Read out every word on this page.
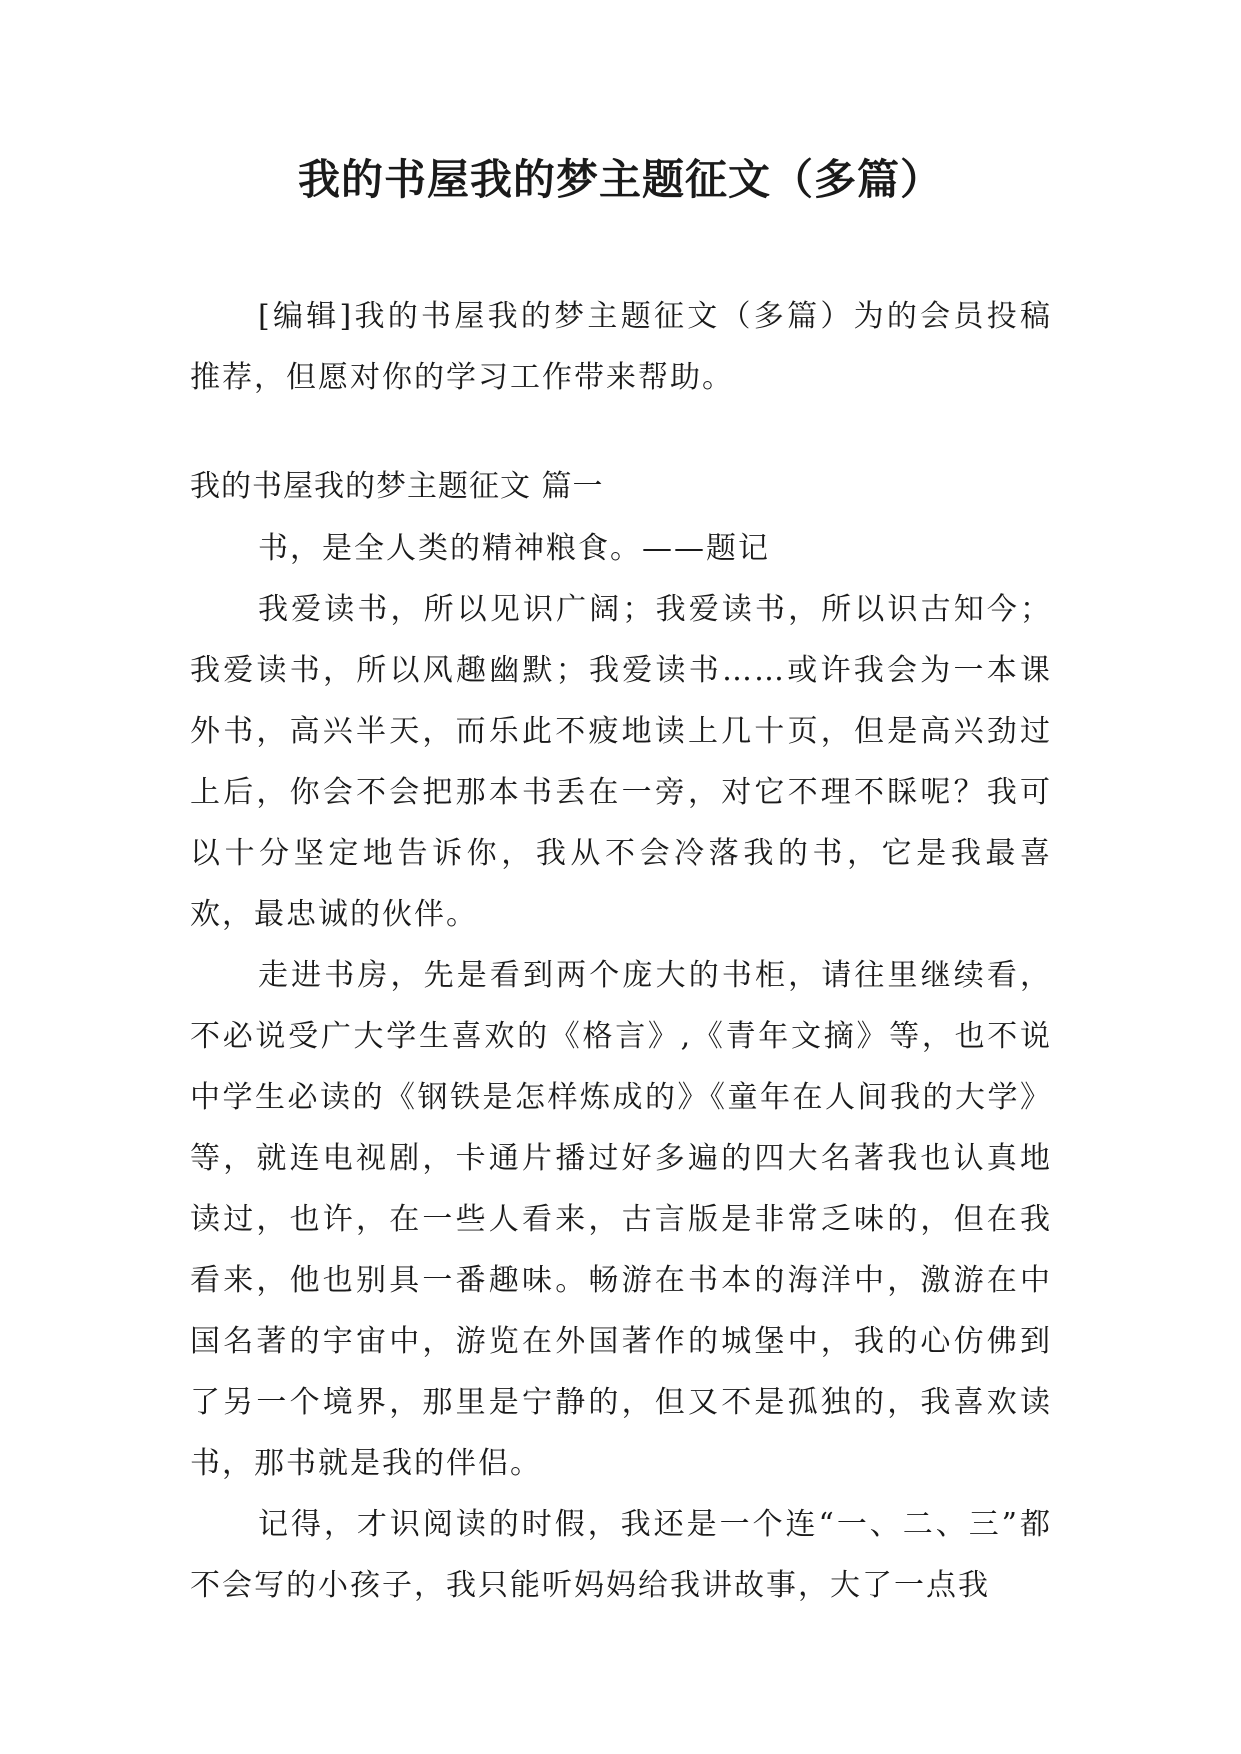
我的书屋我的梦主题征文（多篇）

[编辑]我的书屋我的梦主题征文（多篇）为的会员投稿推荐，但愿对你的学习工作带来帮助。

我的书屋我的梦主题征文 篇一

书，是全人类的精神粮食。——题记

我爱读书，所以见识广阔；我爱读书，所以识古知今；我爱读书，所以风趣幽默；我爱读书……或许我会为一本课外书，高兴半天，而乐此不疲地读上几十页，但是高兴劲过上后，你会不会把那本书丢在一旁，对它不理不睬呢？我可以十分坚定地告诉你，我从不会冷落我的书，它是我最喜欢，最忠诚的伙伴。

走进书房，先是看到两个庞大的书柜，请往里继续看，不必说受广大学生喜欢的《格言》,《青年文摘》等，也不说中学生必读的《钢铁是怎样炼成的》《童年在人间我的大学》等，就连电视剧，卡通片播过好多遍的四大名著我也认真地读过，也许，在一些人看来，古言版是非常乏味的，但在我看来，他也别具一番趣味。畅游在书本的海洋中，激游在中国名著的宇宙中，游览在外国著作的城堡中，我的心仿佛到了另一个境界，那里是宁静的，但又不是孤独的，我喜欢读书，那书就是我的伴侣。

记得，才识阅读的时假，我还是一个连“一、二、三”都不会写的小孩子，我只能听妈妈给我讲故事，大了一点我
